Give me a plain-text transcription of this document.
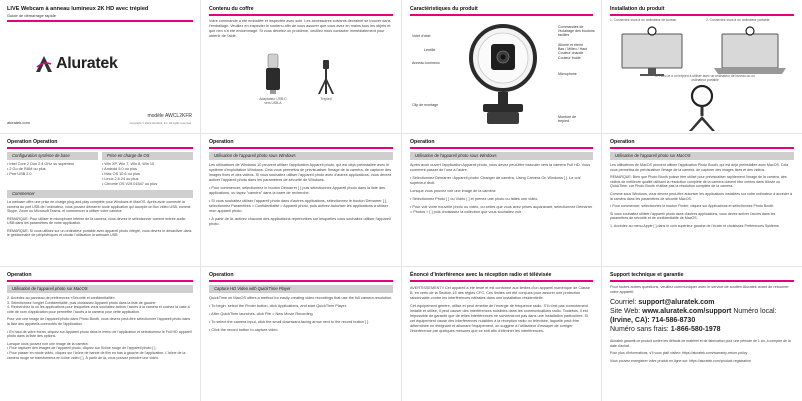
LIVE Webcam à anneau lumineux 2K HD avec trépied
Guide de démarrage rapide
Aluratek
aluratek.com
modèle AWCL2KFR
Copyright © 2022 Aluratek, Inc. All rights reserved.
Contenu du coffre
Votre commande a été emballée et inspectée avec soin. Les accessoires suivants devraient se trouver dans l'emballage. Veuillez en inspecter le contenu afin de vous assurer que vous avez en mains tous les objets et que rien n'a été endommagé. Si vous décelez un problème, veuillez nous contacter immédiatement pour obtenir de l'aide.
Adaptateur USB-C vers USB-A
Trépied
Caractéristiques du produit
Volet d'obst
Lentille
Anneau lumineux
Clip de montage
Commandes de l'éclairage des boutons tactiles
Allumé et éteint
Bas / Milieu / Haut
Couleur chaude
Couleur froide
Microphone
Monture de trépied
Installation du produit
1. Connectez-vous à un ordinateur de bureau	2. Connectez-vous à un ordinateur portable
3. Fixez-le à un trépied à utiliser avec un ordinateur de bureau ou un ordinateur portable
Operation Operation
Configuration système de base	Prise en charge de OS
• Intel Core 2 Duo 2.4 GHz ou supérieur
• 2 Go de RAM ou plus
• Port USB 2.0
• Win XP, Win 7, Win 8, Win 10
• Android 5.0 ou plus
• Mac OS 10.6 ou plus
• Linux 2.6.24 ou plus
• Chrome OS V29.01547 ou plus
Commencer

La webcam offre une prise en charge plug-and-play complète pour Windows et MacOS. Après avoir connecté la caméra au port USB de l'ordinateur, vous pouvez démarrer toute application qui accepte un flux vidéo USB, comme Skype, Zoom ou Microsoft Teams, et commencer à utiliser votre caméra.

REMARQUE: Pour utiliser le microphone interne de la caméra, vous devrez le sélectionner comme entrée audio USB dans les paramètres de votre application.

REMARQUE: Si vous utilisez sur un ordinateur portable avec appareil photo intégré, vous devrez le désactiver dans le gestionnaire de périphériques et choisir l'utilisation la webcam USB

Operation
Utilisation de l'appareil photo sous Windows

Les utilisateurs de Windows 10 peuvent utiliser l'application Appareil photo, qui est déjà préinstallée avec le système d'exploitation Windows. Cela vous permettra de prévisualiser l'image de la caméra, de capturer des images fixes et des vidéos. Si vous souhaitez utiliser l'appareil photo avec d'autres applications, vous devrez activer l'appareil photo dans les paramètres de sécurité de Windows.

• Pour commencer, sélectionnez le bouton Démarrer [ ] puis sélectionnez Appareil photo dans la liste des applications, ou tapez "caméra" dans la barre de recherche.

• Si vous souhaitez utiliser l'appareil photo dans d'autres applications, sélectionnez le bouton Démarrer [ ], sélectionnez Paramètres > Confidentialité > Appareil photo, puis activez Autoriser les applications à utiliser mon appareil photo.

• À partir de là, activez chacune des applications répertoriées sur lesquelles vous souhaitez utiliser l'appareil photo.

Operation
Utilisation de l'appareil photo sous Windows

Après avoir ouvert l'application Appareil photo, vous devez peut-être basculer vers la caméra Full HD. Vous comment passer de l'une à l'autre.

• Sélectionnez Démarrer ›Appareil photo› Changer de caméra. Using Camera On Windows [ ]. Le cos' supérieur droit.

Lorsque vous pouvez voir une image de la caméra:

• Sélectionnez Photo [ ] ou Vidéo [ ] et prenez une photo ou faites une vidéo.

• Pour voir votre nouvelle photo ou vidéo, ou celles que vous avez prises auparavant, sélectionnez Démarrer > Photos > [ ] puis choisissez la collection que vous souhaitez voir.

Operation
Utilisation de l'appareil photo sur MacOS

Les utilisateurs de MacOS peuvent utiliser l'application Photo Booth, qui est déjà préinstallée avec MacOS. Cela vous permettra de prévisualiser l'image de la caméra, de capturer des images fixes et des vidéos.

REMARQUE: Bien que Photo Booth puisse être utilisé pour prévisualiser rapidement l'image de la caméra, des vidéos de meilleure qualité utilisant la résolution complète de la caméra doivent être créées dans iMovie ou QuickTime, car Photo Booth n'utilise pas la résolution complète de la caméra.

Comme sous Windows, vous devrez peut-être autoriser les applications installées sur votre ordinateur à accéder à la caméra dans les paramètres de sécurité MacOS.

• Pour commencer, sélectionnez le bouton Finder, cliquez sur Applications et sélectionnez Photo Booth.

Si vous souhaitez utiliser l'appareil photo dans d'autres applications, vous devez activer l'accès dans les paramètres de sécurité et de confidentialité de MacOS.

1. Accédez au menu Apple [ ] dans le coin supérieur gauche de l'écran et choisissez Préférences Système.

Operation
Utilisation de l'appareil photo sur MacOS
2. Accédez au panneau de préférences «Sécurité et confidentialité».
3. Sélectionnez l'onglet Confidentialité, puis choisissez Appareil photo dans la liste de gauche

4. Recherchez là où les applications pour lesquelles vous souhaitez activer l'accès à la caméra et cochez la case à côté de nom d'application pour permettre l'accès à la caméra pour cette application.

Pour voir une image de l'appareil photo dans Photo Booth, vous devrez peut-être sélectionner l'appareil photo dans la liste des appareils connectés de l'application.

• En haut de votre écran, cliquez sur Appareil photo dans le menu de l'application et sélectionnez le Full HD appareil photo dans la liste des options.

Lorsque vous pouvez voir une image de la caméra:
• Pour capturer des images de l'appareil photo, cliquez sur l'icône rouge de l'appareil photo [ ].
• Pour passer en mode vidéo, cliquez sur l'icône de bande de film en bas à gauche de l'application. L'icône de la caméra rouge se transformera en icône vidéo [ ]. À partir de là, vous pouvez prendre une vidéo.
Operation
Capture HD Video with QuickTime Player

QuickTime on MacOS offers a method for easily creating video recordings that use the full camera resolution.

• To begin, select the Finder button, click Applications, and start QuickTime Player.

• After QuickTime launches, click File > New Movie Recording

• To select the camera input, click the small downward-facing arrow next to the record button [ ].

• Click the record button to capture video.

Énoncé d'interférence avec la réception radio et télévisée

AVERTISSEMENT!! Cet appareil a été testé et est conforme aux limites d'un appareil numérique de Classe B, en vertu de la Section 15 des règles CFC. Ces limites ont été conçues pour assurer une protection raisonnable contre les interférences néfastes dans une installation résidentielle.

Cet équipement génère, utilise et peut émettre de l'énergie de fréquence radio. S'il n'est pas correctement installé et utilisé, il peut causer des interférences nuisibles dans les communications radio. Toutefois, il est impossible de garantir que de telles interférences ne surviendront pas dans une installation particulière. Si cet équipement cause des interférences nuisibles à la réception radio ou télévisée, laquelle peut être déterminée en éteignant et allumant l'équipement, on suggère à l'utilisateur d'essayer de corriger l'interférence par quelques mesures que ce soit afin d'éliminer les interférences.

Support technique et garantie
Pour toutes autres questions, veuillez communiquer avec le service de soutien Aluratek avant de retourner votre appareil:
Courriel: support@aluratek.com
Site Web: www.aluratek.com/support Numéro local:
(Irvine, CA): 714-586-8730
Numéro sans frais: 1-866-580-1978

Aluratek garantit ce produit contre les défauts de matériel et de fabrication pour une période de 1 an, à compter de la date d'achat.

Pour plus d'informations, s'il vous plaît visitez: https://aluratek.com/warranty-return-policy

Vous pouvez enregistrer votre produit en ligne sur: https://aluratek.com/product-registration
